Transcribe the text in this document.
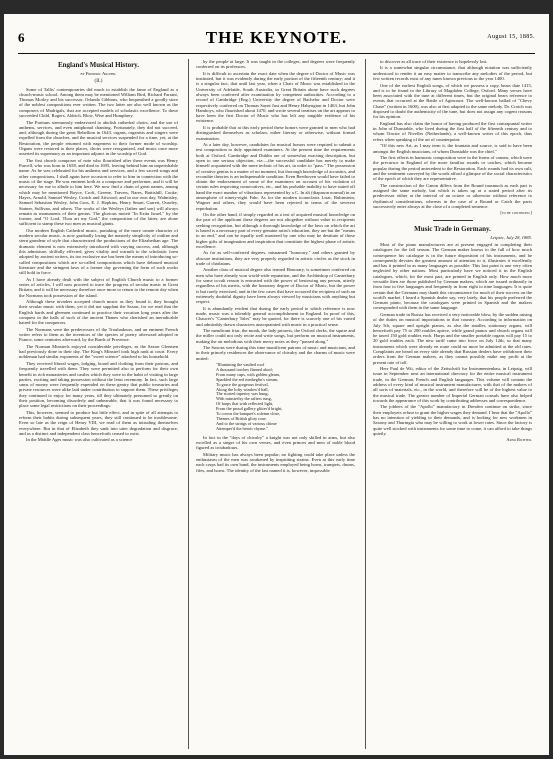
6	THE KEYNOTE.	August 15, 1885.
England's Musical History.
by Frederic Archer.
(II.)

Some of Tallis' contemporaries did much to establish the fame of England as a church-music school. Among them may be mentioned William Bird, Richard Farrant, Thomas Morley and his successor, Orlando Gibbons, who bequeathed a goodly store of the noblest compositions ever written. The two latter are also well known as the composers of Madrigals, that are accepted models of scholastic excellence. To these succeeded Child, Rogers, Aldrich, Blow, Wise and Humphrey.

The Puritans strenuously endeavored to abolish cathedral choirs, and the use of anthems, services, and even antiphonal chanting. Fortunately, they did not succeed, and, although during the great Rebellion in 1643, organs, organists and singers were expelled from the churches, and the musical services suspended for a time, yet, at the Restoration, the people returned with eagerness to their former mode of worship. Organs were restored to their places, choirs were reorganized, and music once more asserted its supremacy as an important adjunct in the worship of God.

The first church composer of note who flourished after these events was Henry Purcell, who was born in 1658, and died in 1695, leaving behind him an imperishable name. As he was celebrated for his anthems and services, and a few sacred songs and other compositions, I shall again have occasion to refer to him in connection with the music of the stage. He was eminent both as a composer and performer, and it will be necessary for me to allude to him here. We now find a chain of great names, among which may be mentioned Boyce, Croft, Greene, Travers, Nares, Battishill, Cooke, Hayes, Arnold, Samuel Wesley, Crotch and Attwood; and in our own day, Walmisley, Samuel Sebastian Wesley, John Goss, E. J. Hopkins, Henry Smart, Garrett, Ouseley, Stainer, Sullivan, and others. The works of the Wesleys (father and son) will always remain as monuments of their genius. The glorious motett "In Exitu Israel," by the former, and "O Lord, Thou art my God," the composition of the latter, are alone sufficient to stamp these two men as musical giants.

Our modern English Cathedral music, partaking of the more ornate character of modern secular music, is now gradually losing the masterly simplicity of outline and stern grandeur of style that characterized the productions of the Elizabethan age. The dramatic element is now extensively introduced with varying success, and, although this admixture, skilfully effected, gives vitality and warmth to the scholastic form adopted by ancient writers, its too exclusive use has been the means of introducing so-called compositions which are so-called compositions which have debased musical literature and the stringent laws of a former day governing the form of such works still hold in force.

As I have already dealt with the subject of English Church music to a former series of articles, I will now proceed to trace the progress of secular music in Great Britain, and it will be necessary therefore once more to return to the remote day when the Normans took possession of the island.

Although these invaders accepted church music as they found it, they brought their secular music with them, yet it did not supplant the Saxon, for we read that the English bards and gleemen continued to practice their vocation long years after the conquest in the halls of such of the ancient Thanes who cherished an ineradicable hatred for the conquerors.

The Normans were the predecessors of the Troubadours, and an eminent French writer refers to them as the inventors of the species of poetry afterward adopted in France, some centuries afterward, by the Bards of Provence.

The Norman Minstrels enjoyed considerable privileges, as the Saxon Gleemen had previously done in their day. The King's Minstrel took high rank at court. Every nobleman had similar exponents of the "sweet science" attached to his household.

They received liberal wages, lodging, board and clothing from their patrons, and frequently travelled with them. They were permitted also to perform for their own benefit in rich monasteries and castles which they were in the habit of visiting in large parties, exciting and taking possession without the least ceremony. In fact, such large sums of money were frequently expended on these gentry that public treasuries and private resources were alike laid under contribution to support them. These privileges they continued to enjoy for many years, till they ultimately presumed so greatly on their position, becoming disorderly and unbearable, that it was found necessary to place some legal restrictions on their proceedings.

This, however, seemed to produce but little effect, and in spite of all attempts to reform their habits during subsequent years, they still continued to be troublesome. Even so late as the reign of Henry VIII, we read of them as intruding themselves everywhere. But in that of Elizabeth they sank into utter degradation and disgrace, and as a distinct and independent class henceforth ceased to exist.

In the Middle Ages music was also cultivated as a science

by the people at large. It was taught in the colleges, and degrees were frequently conferred on its professors.

It is difficult to ascertain the exact date when the degree of Doctor of Music was instituted, but it was evidently during the early portion of the fifteenth century; and it is a singular fact, that until last year, when a Chair of Music was established in the University of Adelaide, South Australia, in Great Britain alone have such degrees always been conferred after examination by competent authorities. According to a record of Cambridge (Eng.) University the degree of Bachelor and Doctor were respectively conferred on Thomas Saynt Just and Henry Habyngton in 1463, but John Hamboys, who flourished about 1470, and wrote several treatises on the art appears to have been the first Doctor of Music who has left any tangible evidence of his existence.

It is probable that at this early period these honors were granted to men who had distinguished themselves as scholars, either literary or otherwise, without formal examination.

At a later day, however, candidates for musical honors were required to submit a test composition to duly appointed examiners. At the present time the requirements both at Oxford, Cambridge and Dublin are of somewhat exacting description, but open to one serious objection, viz:—the successful candidate has merely to make himself acquainted with the mere technic of his art, in order to "pass." The possession of creative genius is a matter of no moment, but thorough knowledge of acoustics, and recondite theories is an indispensable condition. Even Beethoven would have failed to obtain the endorsement of some of the examiners on account of his violation of certain rules respecting consecutives, etc., and his probable inability to have stated off hand the exact number of vibrations represented by a C. In alt (diapason normal) in an atmosphere of ninety-eight Fahr. As for the modern iconoclasts Liszt, Rubinstein, Wagner and others, they would have been rejected in terms of the severest reprobation.

On the other hand, if simply regarded as a test of acquired musical knowledge on the part of the applicant these degrees are not altogether without value to recipients seeking recognition, but although a thorough knowledge of the laws on which the art is based is a necessary part of every genuine artist's education, they are but the "means to an end," and can be equally well mastered by one who may be destitute of those higher gifts of imagination and inspiration that constitute the highest phase of artistic excellence.

As far as self-conferred degrees, misnamed "honorary," and others granted by obscure institutions, they are very properly regarded in artistic circles as the stock in trade of charlatans.

Another class of musical degree also termed Honorary, is sometimes conferred on men who have already won world-wide reputation, and the Archbishop of Canterbury for some occult reason is entrusted with the power of bestowing any person, utterly regardless of his merits, with the honorary degree of Doctor of Music, but the power is but rarely exercised, and in the few cases that have occurred the recipient of such an extremely doubtful dignity have been always viewed by musicians with anything but respect.

It is abundantly evident that during the early period to which reference is now made, music was a tolerably general accomplishment in England. In proof of this, Chaucer's "Canterbury Tales" may be quoted, for there is scarcely one of his varied and admirably drawn characters unacquainted with music in a practical sense.

The mendicant friar, the monk, the lady prioress, the Oxford clerks, the squire and the miller could not only recite and write songs, but perform on musical instruments, making the air melodious with their merry notes as they "passed along."

The Saxons were during this time munificent patrons of music and musicians, and in their princely residences the observance of chivalry and the charms of music were united:

"Illumining the vaulted roof
A thousand torches flamed aloof;
From many cups, with golden gleam,
Sparkled the red metheglin's stream,
To grace the gorgeous festival,
Along the lofty window'd hall,
The storied tapestry was hung;
With minstrelsy the rafters rung,
Of harps that with reflected light,
From the proud gallery glitter'd bright,
To crown the banquet's solemn close,
Themes of British glory rose;
And to the strings of various chime
Attemper'd the heroic rhyme."

In fact in the "days of chivalry" a knight was not only skilled in arms, but also excelled as a singer of his own verses, and even princes and men of noble blood figured as troubadours.

Military music has always been popular; no fighting could take place unless the enthusiasm of the men was awakened by inspiriting strains. Even at this early time each corps had its own band, the instruments employed being horns, trumpets, drums, fifes, and horns. The identity of the last named it is, however, impossible

to discover as all trace of their existence is hopelessly lost.

It is a somewhat singular circumstance, that although notation was sufficiently understood to render it an easy matter to transcribe any melodies of the period, but few written records exist of any tunes known previous to the year 1400.

One of the earliest English songs, of which we possess a copy, bears date 1415, and is to be found in the Library of Magdalen College, Oxford. Many verses have been associated with the tune at different times, but the original bears reference to events that occurred at the Battle of Agincourt. The well-known ballad of "Chevy Chase" (written in 1600), was also at first adapted to the same melody. Dr. Crotch was disposed to doubt the authenticity of the tune, but does not assign any cogent reasons for his opinion.

England has also claim the honor of having produced the first contrapuntal writer in John of Dunstable, who lived during the first half of the fifteenth century and to whom Tinctor of Nivelles (Netherlands), a well-known writer of this epoch, thus refers when speaking of the art of counterpoint:

"Of this new Art, as I may term it, the fountain and source, is said to have been amongst the English musicians, of whom Dunstable was the chief."

The first efforts in harmonic composition were in the forms of canons, which were the precursor in England of the more familiar rounds or catches, which became popular during the period antecedent to the Restoration. Each rounds had its own cult, and the sentiment conveyed by the words afford a glimpse of the social characteristics of the epoch of which they are representative.

The construction of the Canon differs from the Round inasmuch as each part is assigned the same melody, but which is taken up at a stated period after its predecessor either at the interval of an octave or otherwise without reference to rhythmical considerations, whereas in the case of a Round or Catch the parts successively enter always at the close of a completed sentence.

[to be continued.]
Music Trade in Germany.
Leipsic, July 28, 1885.

Most of the piano manufacturers are at present engaged in completing their catalogues for the fall season. The German maker knows to the full of how much consequence his catalogue is in the future disposition of his instruments, and he consequently devotes the greatest amount of attention to it, illustrates it excellently and has it printed in as many languages as possible. This last point is one very often neglected by other nations. Most particularly have we noticed it in the English catalogues, which, for the most part, are printed in English only. How much more versatile then are those published by German makers, which are issued ordinarily in from four to five languages and frequently in from eight to nine languages. It is quite certain that the Germans may thank this circumstance for much of their success on the world's market. I heard a Spanish dealer say, very lately, that his people preferred the German piano, because the catalogues were printed in Spanish and the makers corresponded with them in the same language.

German trade in Russia has received a very noticeable blow, by the sudden raising of the duties on musical importations to that country. According to information on July 5th, square and upright pianos, as also the smaller, stationary organs, will henceforth pay 75 to 200 roubles apiece, while grand pianos and church organs will be taxed 150 gold roubles each. Harps and the smaller portable organs will pay 15 to 20 gold roubles each. The new tariff came into force on July 12th, so that many instruments which were already en route could no more be admitted at the old rates. Complaints are heard on every side already that Russian dealers have withdrawn their orders from the German makers, as they cannot possibly make any profit at the present rate of toll.

Herr Paul de Wit, editor of the Zeitschrift fur Instrumentenbau, in Leipzig, will issue in September next an international directory for the entire musical instrument trade, in the German, French and English languages. This volume will contain the address of every kind of musical instrument manufacturer, with that of the makers of all sorts of materials, etc., in the world, and therefore will be of the highest value to the musical trade. The greater number of Imperial German consuls have also helped towards the appearance of this work by contributing addresses and correspondence.

The jobbers of the "Apollo" manufactory in Dresden continue on strike, since their employers refuse to grant the higher wages they demand. I hear that the "Apollo" has no intention of yielding to their demands, and is looking for new workmen in Saxony and Thuringia who may be willing to work at lower rates. Since the factory is quite well stocked with instruments for some time to come, it can afford to take things quietly.

Arno Richter.
